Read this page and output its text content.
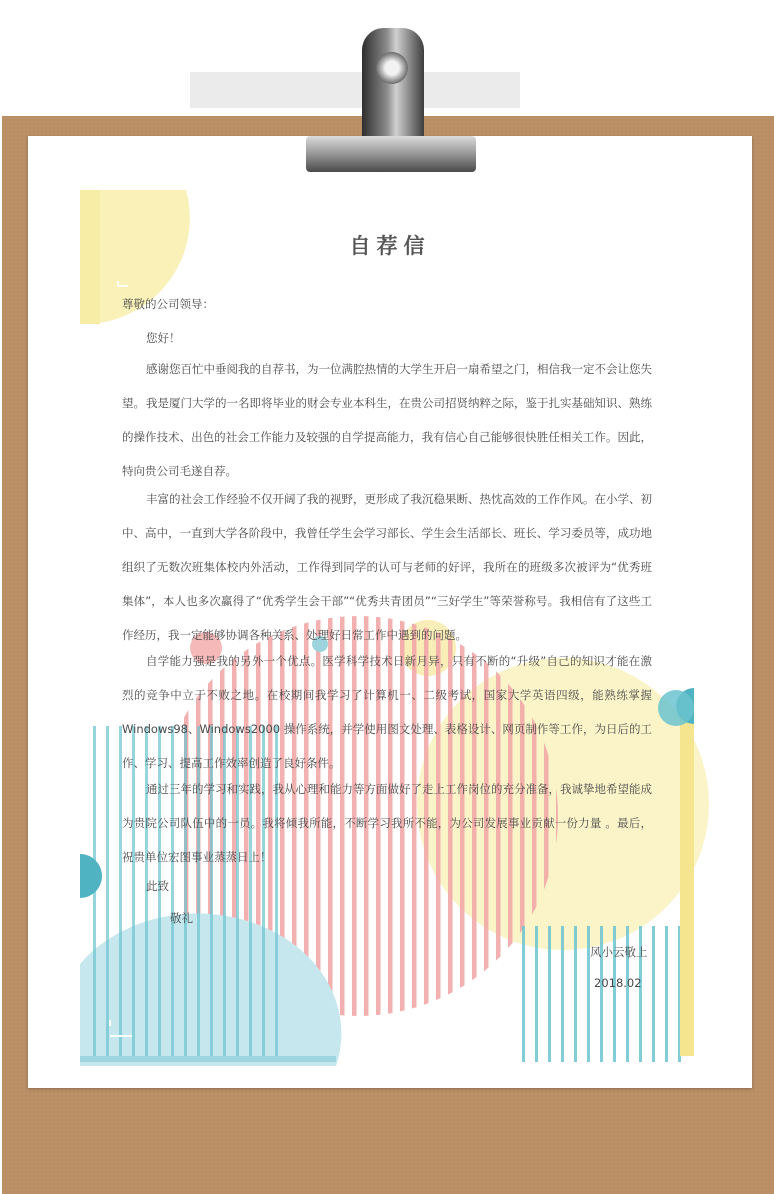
自荐信
尊敬的公司领导：
您好！
感谢您百忙中垂阅我的自荐书，为一位满腔热情的大学生开启一扇希望之门，相信我一定不会让您失望。 我是厦门大学的一名即将毕业的财会专业本科生，在贵公司招贤纳粹之际，鉴于扎实基础知识、熟练的操作技术、出色的社会工作能力及较强的自学提高能力，我有信心自己能够很快胜任相关工作。因此，特向贵公司毛遂自荐。
丰富的社会工作经验不仅开阔了我的视野，更形成了我沉稳果断、热忱高效的工作作风。在小学、初中、高中，一直到大学各阶段中，我曾任学生会学习部长、学生会生活部长、班长、学习委员等，成功地组织了无数次班集体校内外活动，工作得到同学的认可与老师的好评，我所在的班级多次被评为“优秀班集体”，本人也多次赢得了“优秀学生会干部”“优秀共青团员”“三好学生”等荣誉称号。我相信有了这些工作经历，我一定能够协调各种关系、处理好日常工作中遇到的问题。
自学能力强是我的另外一个优点。医学科学技术日新月异，只有不断的“升级”自己的知识才能在激烈的竞争中立于不败之地。在校期间我学习了计算机一、二级考试，国家大学英语四级，能熟练掌握 Windows98、Windows2000 操作系统，并学使用图文处理、表格设计、网页制作等工作，为日后的工作、学习、提高工作效率创造了良好条件。
通过三年的学习和实践，我从心理和能力等方面做好了走上工作岗位的充分准备，我诚挚地希望能成为贵院公司队伍中的一员。我将倾我所能，不断学习我所不能，为公司发展事业贡献一份力量 。最后，祝贵单位宏图事业蒸蒸日上！
此致
敬礼
风小云敬上
2018.02
